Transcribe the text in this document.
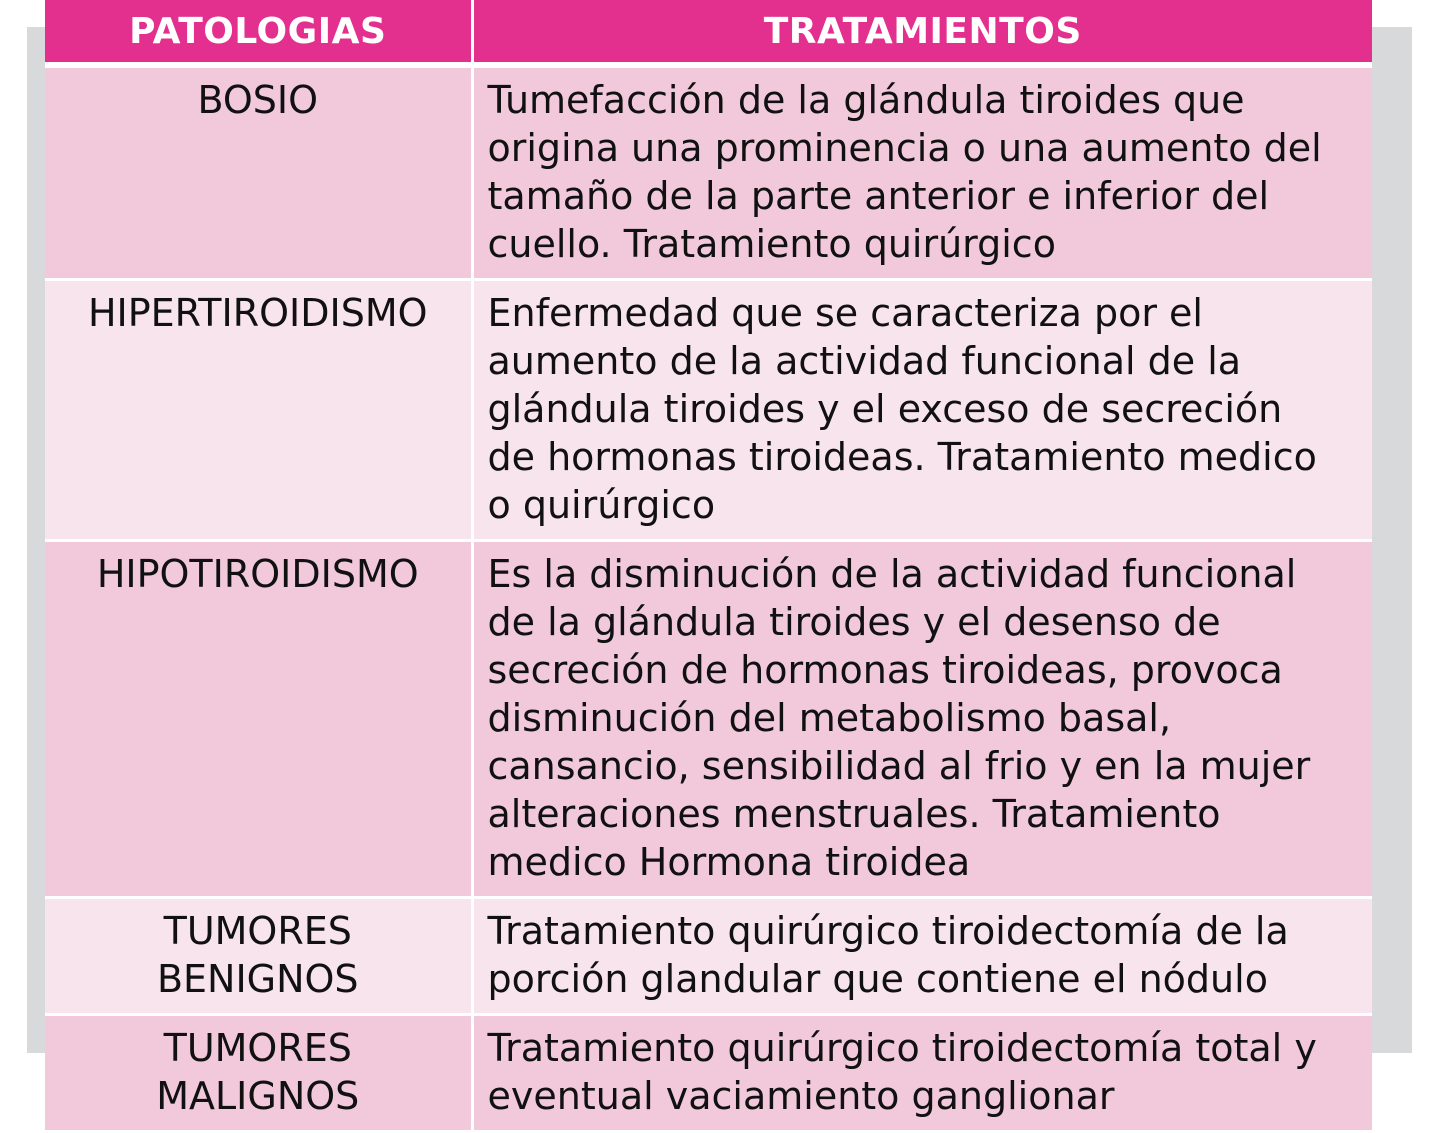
PATOLOGIAS	TRATAMIENTOS

BOSIO	Tumefacción de la glándula tiroides que
origina una prominencia o una aumento del
tamaño de la parte anterior e inferior del
cuello. Tratamiento quirúrgico

HIPERTIROIDISMO	Enfermedad que se caracteriza por el
aumento de la actividad funcional de la
glándula tiroides y el exceso de secreción
de hormonas tiroideas. Tratamiento medico
o quirúrgico

HIPOTIROIDISMO	Es la disminución de la actividad funcional
de la glándula tiroides y el desenso de
secreción de hormonas tiroideas, provoca
disminución del metabolismo basal,
cansancio, sensibilidad al frio y en la mujer
alteraciones menstruales. Tratamiento
medico Hormona tiroidea

TUMORES
BENIGNOS	Tratamiento quirúrgico tiroidectomía de la
porción glandular que contiene el nódulo

TUMORES
MALIGNOS	Tratamiento quirúrgico tiroidectomía total y
eventual vaciamiento ganglionar
